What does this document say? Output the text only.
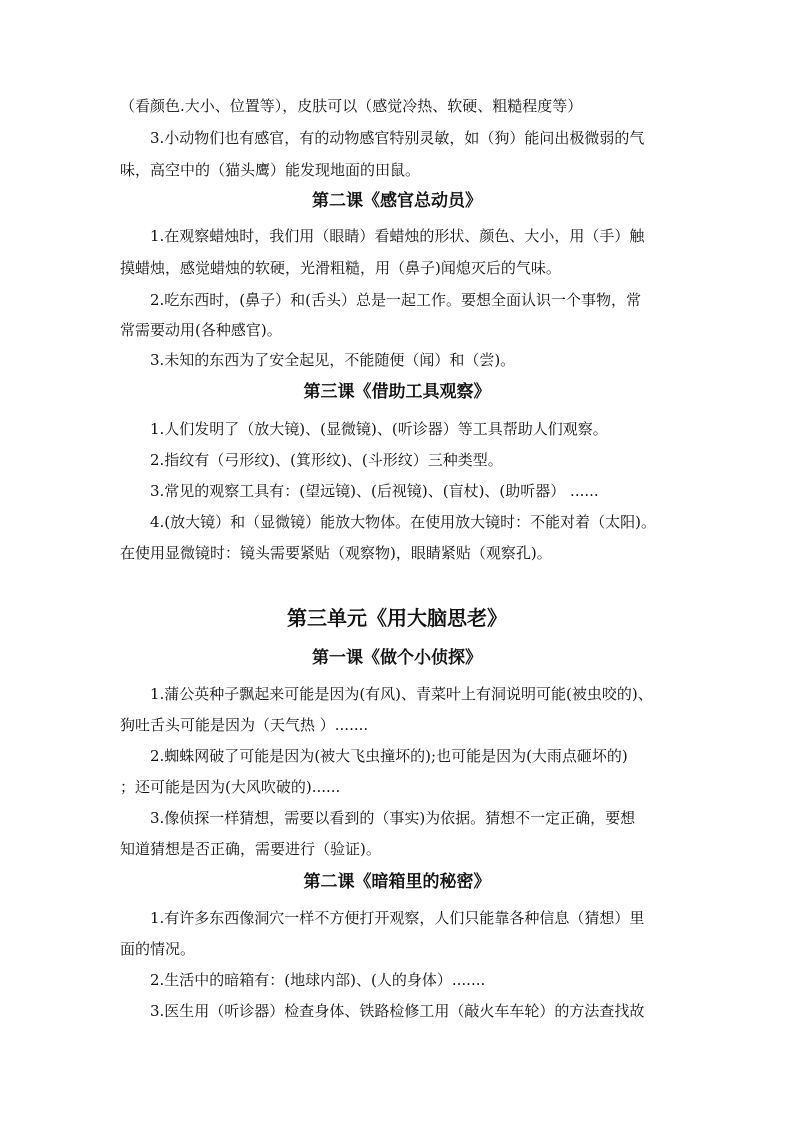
（看颜色.大小、位置等），皮肤可以（感觉冷热、软硬、粗糙程度等）
3.小动物们也有感官，有的动物感官特别灵敏，如（狗）能问出极微弱的气
味，高空中的（猫头鹰）能发现地面的田鼠。
第二课《感官总动员》
1.在观察蜡烛时，我们用（眼睛）看蜡烛的形状、颜色、大小，用（手）触
摸蜡烛，感觉蜡烛的软硬，光滑粗糙，用（鼻子)闻熄灭后的气味。
2.吃东西时，(鼻子）和(舌头）总是一起工作。要想全面认识一个事物，常
常需要动用(各种感官)。
3.未知的东西为了安全起见，不能随便（闻）和（尝)。
第三课《借助工具观察》
1.人们发明了（放大镜)、(显微镜)、(听诊器）等工具帮助人们观察。
2.指纹有（弓形纹)、(箕形纹)、(斗形纹）三种类型。
3.常见的观察工具有：(望远镜)、(后视镜)、(盲杖)、(助听器） ......
4.(放大镜）和（显微镜）能放大物体。在使用放大镜时：不能对着（太阳)。
在使用显微镜时：镜头需要紧贴（观察物)，眼睛紧贴（观察孔)。
第三单元《用大脑思老》
第一课《做个小侦探》
1.蒲公英种子飘起来可能是因为(有风)、青菜叶上有洞说明可能(被虫咬的)、
狗吐舌头可能是因为（天气热 ）.......
2.蜘蛛网破了可能是因为(被大飞虫撞坏的);也可能是因为(大雨点砸坏的)
；还可能是因为(大风吹破的)......
3.像侦探一样猜想，需要以看到的（事实)为依据。猜想不一定正确，要想
知道猜想是否正确，需要进行（验证)。
第二课《暗箱里的秘密》
1.有许多东西像洞穴一样不方便打开观察，人们只能靠各种信息（猜想）里
面的情况。
2.生活中的暗箱有：(地球内部)、(人的身体）.......
3.医生用（听诊器）检查身体、铁路检修工用（敲火车车轮）的方法查找故
